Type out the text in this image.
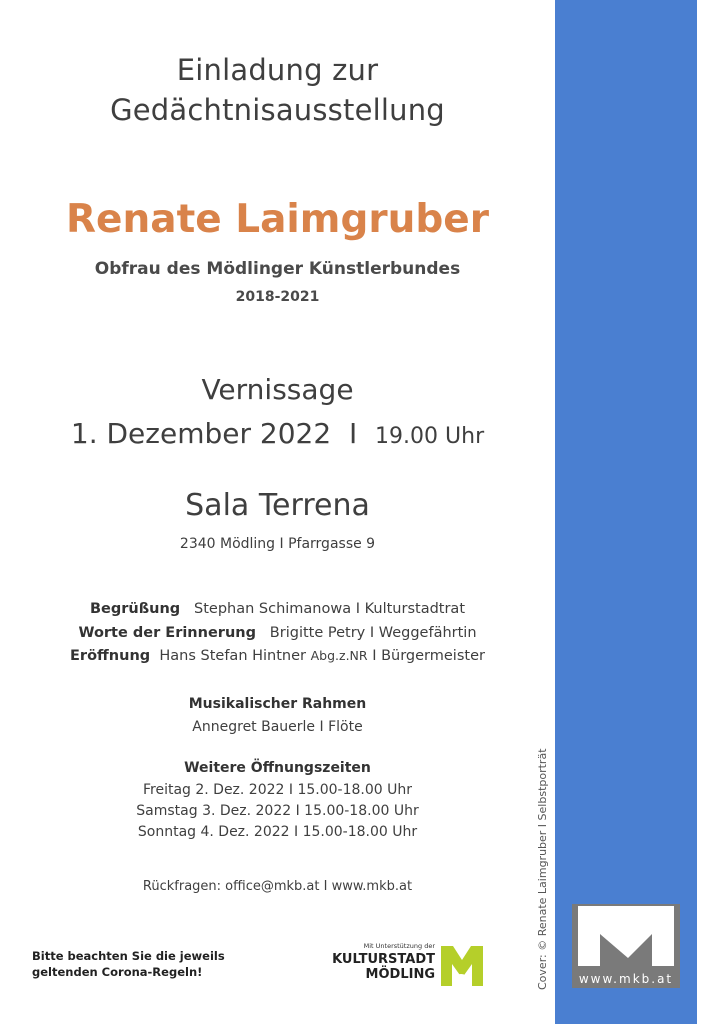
Einladung zur
Gedächtnisausstellung
Renate Laimgruber
Obfrau des Mödlinger Künstlerbundes
2018-2021
Vernissage
1. Dezember 2022 I 19.00 Uhr
Sala Terrena
2340 Mödling I Pfarrgasse 9
Begrüßung Stephan Schimanowa I Kulturstadtrat
Worte der Erinnerung Brigitte Petry I Weggefährtin
Eröffnung Hans Stefan Hintner Abg.z.NR I Bürgermeister
Musikalischer Rahmen
Annegret Bauerle I Flöte
Weitere Öffnungszeiten
Freitag 2. Dez. 2022 I 15.00-18.00 Uhr
Samstag 3. Dez. 2022 I 15.00-18.00 Uhr
Sonntag 4. Dez. 2022 I 15.00-18.00 Uhr
Rückfragen: office@mkb.at I www.mkb.at
Bitte beachten Sie die jeweils
geltenden Corona-Regeln!
Mit Unterstützung der
KULTURSTADT
MÖDLING	Cover: © Renate Laimgruber I Selbstporträt	www.mkb.at
